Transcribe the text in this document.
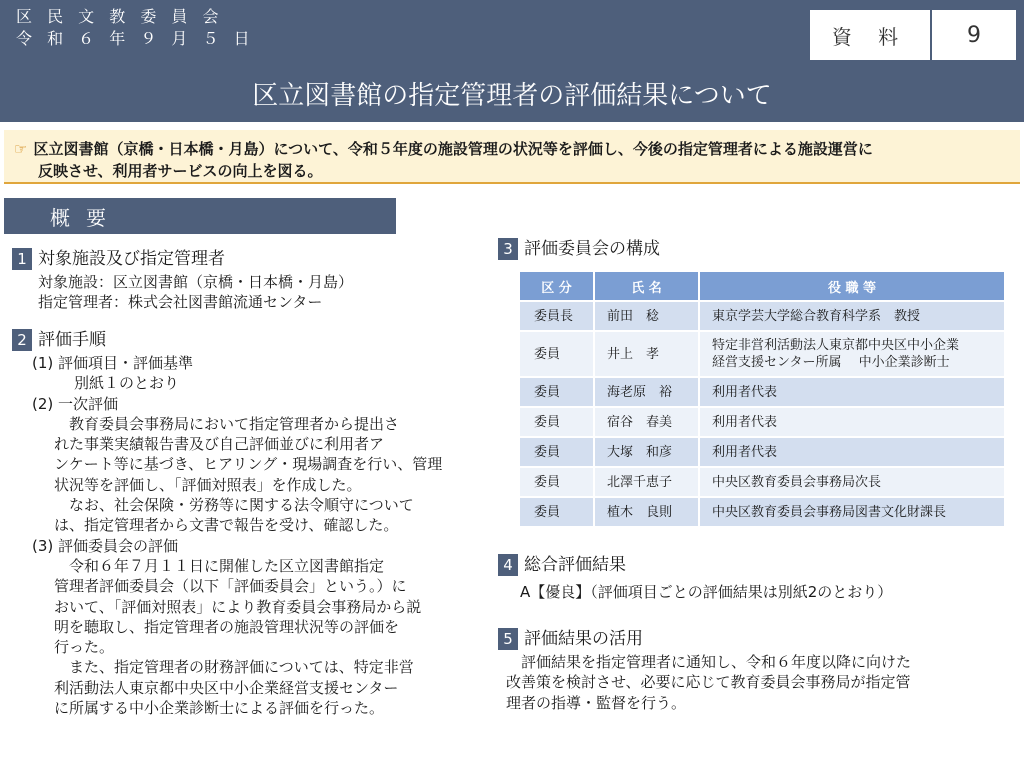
区 民 文 教 委 員 会
令 和 ６ 年 ９ 月 ５ 日	資 料	9
区立図書館の指定管理者の評価結果について
☞ 区立図書館（京橋・日本橋・月島）について、令和５年度の施設管理の状況等を評価し、今後の指定管理者による施設運営に
反映させ、利用者サービスの向上を図る。
概要
1 対象施設及び指定管理者
対象施設：区立図書館（京橋・日本橋・月島）
指定管理者：株式会社図書館流通センター
2 評価手順
(1) 評価項目・評価基準
別紙１のとおり
(2) 一次評価
　教育委員会事務局において指定管理者から提出さ
れた事業実績報告書及び自己評価並びに利用者ア
ンケート等に基づき、ヒアリング・現場調査を行い、管理
状況等を評価し、「評価対照表」を作成した。
　なお、社会保険・労務等に関する法令順守について
は、指定管理者から文書で報告を受け、確認した。
(3) 評価委員会の評価
　令和６年７月１１日に開催した区立図書館指定
管理者評価委員会（以下「評価委員会」という。）に
おいて、「評価対照表」により教育委員会事務局から説
明を聴取し、指定管理者の施設管理状況等の評価を
行った。
　また、指定管理者の財務評価については、特定非営
利活動法人東京都中央区中小企業経営支援センター
に所属する中小企業診断士による評価を行った。
3 評価委員会の構成
区 分	氏 名	役 職 等
委員長	前田　稔	東京学芸大学総合教育科学系　教授
委員	井上　孝	特定非営利活動法人東京都中央区中小企業
経営支援センター所属　 中小企業診断士

委員	海老原　裕	利用者代表
委員	宿谷　春美	利用者代表
委員	大塚　和彦	利用者代表
委員	北澤千恵子	中央区教育委員会事務局次長
委員	植木　良則	中央区教育委員会事務局図書文化財課長
4 総合評価結果
A【優良】（評価項目ごとの評価結果は別紙2のとおり）
5 評価結果の活用
　評価結果を指定管理者に通知し、令和６年度以降に向けた
改善策を検討させ、必要に応じて教育委員会事務局が指定管
理者の指導・監督を行う。
